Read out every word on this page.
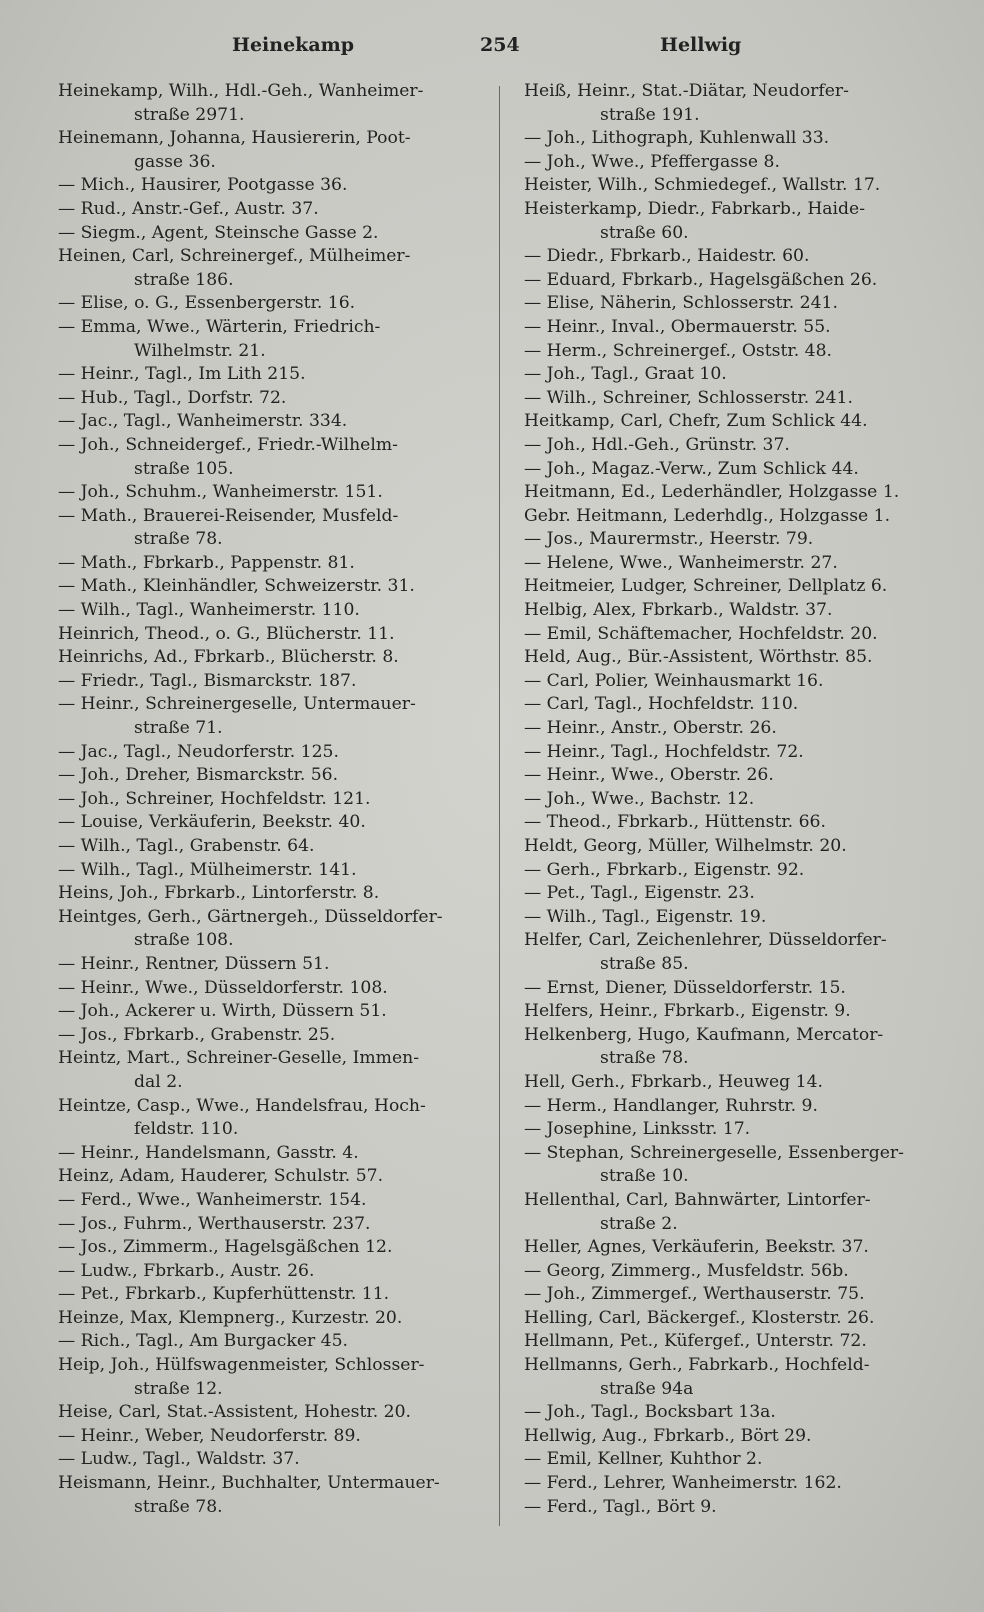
Heinekamp	254	Hellwig
Heinekamp, Wilh., Hdl.-Geh., Wanheimer-
straße 2971.
Heinemann, Johanna, Hausiererin, Poot-
gasse 36.
— Mich., Hausirer, Pootgasse 36.
— Rud., Anstr.-Gef., Austr. 37.
— Siegm., Agent, Steinsche Gasse 2.
Heinen, Carl, Schreinergef., Mülheimer-
straße 186.
— Elise, o. G., Essenbergerstr. 16.
— Emma, Wwe., Wärterin, Friedrich-
Wilhelmstr. 21.
— Heinr., Tagl., Im Lith 215.
— Hub., Tagl., Dorfstr. 72.
— Jac., Tagl., Wanheimerstr. 334.
— Joh., Schneidergef., Friedr.-Wilhelm-
straße 105.
— Joh., Schuhm., Wanheimerstr. 151.
— Math., Brauerei-Reisender, Musfeld-
straße 78.
— Math., Fbrkarb., Pappenstr. 81.
— Math., Kleinhändler, Schweizerstr. 31.
— Wilh., Tagl., Wanheimerstr. 110.
Heinrich, Theod., o. G., Blücherstr. 11.
Heinrichs, Ad., Fbrkarb., Blücherstr. 8.
— Friedr., Tagl., Bismarckstr. 187.
— Heinr., Schreinergeselle, Untermauer-
straße 71.
— Jac., Tagl., Neudorferstr. 125.
— Joh., Dreher, Bismarckstr. 56.
— Joh., Schreiner, Hochfeldstr. 121.
— Louise, Verkäuferin, Beekstr. 40.
— Wilh., Tagl., Grabenstr. 64.
— Wilh., Tagl., Mülheimerstr. 141.
Heins, Joh., Fbrkarb., Lintorferstr. 8.
Heintges, Gerh., Gärtnergeh., Düsseldorfer-
straße 108.
— Heinr., Rentner, Düssern 51.
— Heinr., Wwe., Düsseldorferstr. 108.
— Joh., Ackerer u. Wirth, Düssern 51.
— Jos., Fbrkarb., Grabenstr. 25.
Heintz, Mart., Schreiner-Geselle, Immen-
dal 2.
Heintze, Casp., Wwe., Handelsfrau, Hoch-
feldstr. 110.
— Heinr., Handelsmann, Gasstr. 4.
Heinz, Adam, Hauderer, Schulstr. 57.
— Ferd., Wwe., Wanheimerstr. 154.
— Jos., Fuhrm., Werthauserstr. 237.
— Jos., Zimmerm., Hagelsgäßchen 12.
— Ludw., Fbrkarb., Austr. 26.
— Pet., Fbrkarb., Kupferhüttenstr. 11.
Heinze, Max, Klempnerg., Kurzestr. 20.
— Rich., Tagl., Am Burgacker 45.
Heip, Joh., Hülfswagenmeister, Schlosser-
straße 12.
Heise, Carl, Stat.-Assistent, Hohestr. 20.
— Heinr., Weber, Neudorferstr. 89.
— Ludw., Tagl., Waldstr. 37.
Heismann, Heinr., Buchhalter, Untermauer-
straße 78.
Heiß, Heinr., Stat.-Diätar, Neudorfer-
straße 191.
— Joh., Lithograph, Kuhlenwall 33.
— Joh., Wwe., Pfeffergasse 8.
Heister, Wilh., Schmiedegef., Wallstr. 17.
Heisterkamp, Diedr., Fabrkarb., Haide-
straße 60.
— Diedr., Fbrkarb., Haidestr. 60.
— Eduard, Fbrkarb., Hagelsgäßchen 26.
— Elise, Näherin, Schlosserstr. 241.
— Heinr., Inval., Obermauerstr. 55.
— Herm., Schreinergef., Oststr. 48.
— Joh., Tagl., Graat 10.
— Wilh., Schreiner, Schlosserstr. 241.
Heitkamp, Carl, Chefr, Zum Schlick 44.
— Joh., Hdl.-Geh., Grünstr. 37.
— Joh., Magaz.-Verw., Zum Schlick 44.
Heitmann, Ed., Lederhändler, Holzgasse 1.
Gebr. Heitmann, Lederhdlg., Holzgasse 1.
— Jos., Maurermstr., Heerstr. 79.
— Helene, Wwe., Wanheimerstr. 27.
Heitmeier, Ludger, Schreiner, Dellplatz 6.
Helbig, Alex, Fbrkarb., Waldstr. 37.
— Emil, Schäftemacher, Hochfeldstr. 20.
Held, Aug., Bür.-Assistent, Wörthstr. 85.
— Carl, Polier, Weinhausmarkt 16.
— Carl, Tagl., Hochfeldstr. 110.
— Heinr., Anstr., Oberstr. 26.
— Heinr., Tagl., Hochfeldstr. 72.
— Heinr., Wwe., Oberstr. 26.
— Joh., Wwe., Bachstr. 12.
— Theod., Fbrkarb., Hüttenstr. 66.
Heldt, Georg, Müller, Wilhelmstr. 20.
— Gerh., Fbrkarb., Eigenstr. 92.
— Pet., Tagl., Eigenstr. 23.
— Wilh., Tagl., Eigenstr. 19.
Helfer, Carl, Zeichenlehrer, Düsseldorfer-
straße 85.
— Ernst, Diener, Düsseldorferstr. 15.
Helfers, Heinr., Fbrkarb., Eigenstr. 9.
Helkenberg, Hugo, Kaufmann, Mercator-
straße 78.
Hell, Gerh., Fbrkarb., Heuweg 14.
— Herm., Handlanger, Ruhrstr. 9.
— Josephine, Linksstr. 17.
— Stephan, Schreinergeselle, Essenberger-
straße 10.
Hellenthal, Carl, Bahnwärter, Lintorfer-
straße 2.
Heller, Agnes, Verkäuferin, Beekstr. 37.
— Georg, Zimmerg., Musfeldstr. 56b.
— Joh., Zimmergef., Werthauserstr. 75.
Helling, Carl, Bäckergef., Klosterstr. 26.
Hellmann, Pet., Küfergef., Unterstr. 72.
Hellmanns, Gerh., Fabrkarb., Hochfeld-
straße 94a
— Joh., Tagl., Bocksbart 13a.
Hellwig, Aug., Fbrkarb., Bört 29.
— Emil, Kellner, Kuhthor 2.
— Ferd., Lehrer, Wanheimerstr. 162.
— Ferd., Tagl., Bört 9.
